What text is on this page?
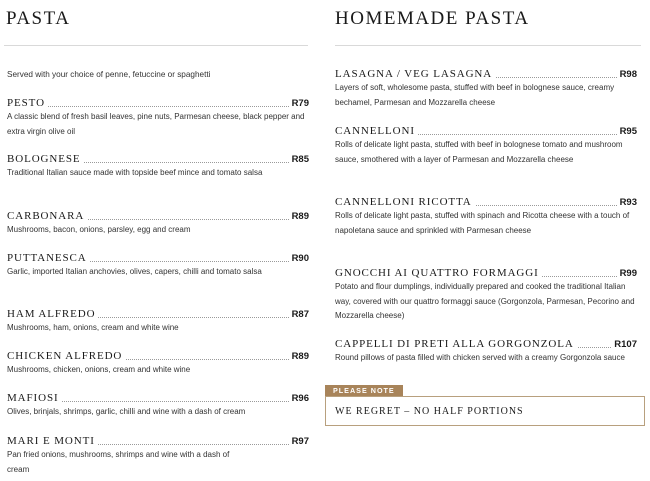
PASTA
Served with your choice of penne, fetuccine or spaghetti
PESTO	R79
A classic blend of fresh basil leaves, pine nuts, Parmesan cheese, black pepper and extra virgin olive oil
BOLOGNESE	R85
Traditional Italian sauce made with topside beef mince and tomato salsa
CARBONARA	R89
Mushrooms, bacon, onions, parsley, egg and cream
PUTTANESCA	R90
Garlic, imported Italian anchovies, olives, capers, chilli and tomato salsa
HAM ALFREDO	R87
Mushrooms, ham, onions, cream and white wine
CHICKEN ALFREDO	R89
Mushrooms, chicken, onions, cream and white wine
MAFIOSI	R96
Olives, brinjals, shrimps, garlic, chilli and wine with a dash of cream
MARI E MONTI	R97
Pan fried onions, mushrooms, shrimps and wine with a dash of cream
HOMEMADE PASTA
LASAGNA / VEG LASAGNA	R98
Layers of soft, wholesome pasta, stuffed with beef in bolognese sauce, creamy bechamel, Parmesan and Mozzarella cheese
CANNELLONI	R95
Rolls of delicate light pasta, stuffed with beef in bolognese tomato and mushroom sauce, smothered with a layer of Parmesan and Mozzarella cheese
CANNELLONI RICOTTA	R93
Rolls of delicate light pasta, stuffed with spinach and Ricotta cheese with a touch of napoletana sauce and sprinkled with Parmesan cheese
GNOCCHI AI QUATTRO FORMAGGI	R99
Potato and flour dumplings, individually prepared and cooked the traditional Italian way, covered with our quattro formaggi sauce (Gorgonzola, Parmesan, Pecorino and Mozzarella cheese)
CAPPELLI DI PRETI ALLA GORGONZOLA	R107
Round pillows of pasta filled with chicken served with a creamy Gorgonzola sauce
PLEASE NOTE
WE REGRET – NO HALF PORTIONS
